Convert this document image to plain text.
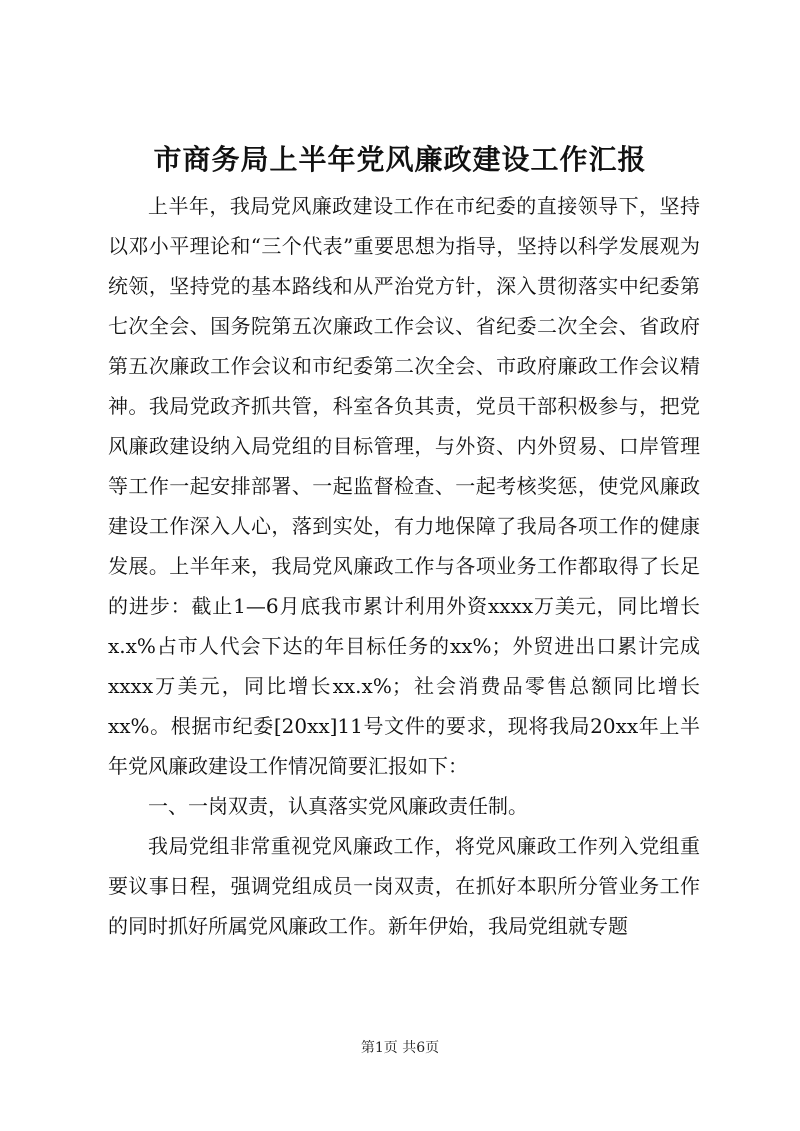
市商务局上半年党风廉政建设工作汇报

上半年，我局党风廉政建设工作在市纪委的直接领导下，坚持以邓小平理论和“三个代表”重要思想为指导，坚持以科学发展观为统领，坚持党的基本路线和从严治党方针，深入贯彻落实中纪委第七次全会、国务院第五次廉政工作会议、省纪委二次全会、省政府第五次廉政工作会议和市纪委第二次全会、市政府廉政工作会议精神。我局党政齐抓共管，科室各负其责，党员干部积极参与，把党风廉政建设纳入局党组的目标管理，与外资、内外贸易、口岸管理等工作一起安排部署、一起监督检查、一起考核奖惩，使党风廉政建设工作深入人心，落到实处，有力地保障了我局各项工作的健康发展。上半年来，我局党风廉政工作与各项业务工作都取得了长足的进步：截止1—6月底我市累计利用外资xxxx万美元，同比增长x.x%占市人代会下达的年目标任务的xx%；外贸进出口累计完成xxxx万美元，同比增长xx.x%；社会消费品零售总额同比增长xx%。根据市纪委[20xx]11号文件的要求，现将我局20xx年上半年党风廉政建设工作情况简要汇报如下：

一、一岗双责，认真落实党风廉政责任制。

我局党组非常重视党风廉政工作，将党风廉政工作列入党组重要议事日程，强调党组成员一岗双责，在抓好本职所分管业务工作的同时抓好所属党风廉政工作。新年伊始，我局党组就专题

第1页 共6页
